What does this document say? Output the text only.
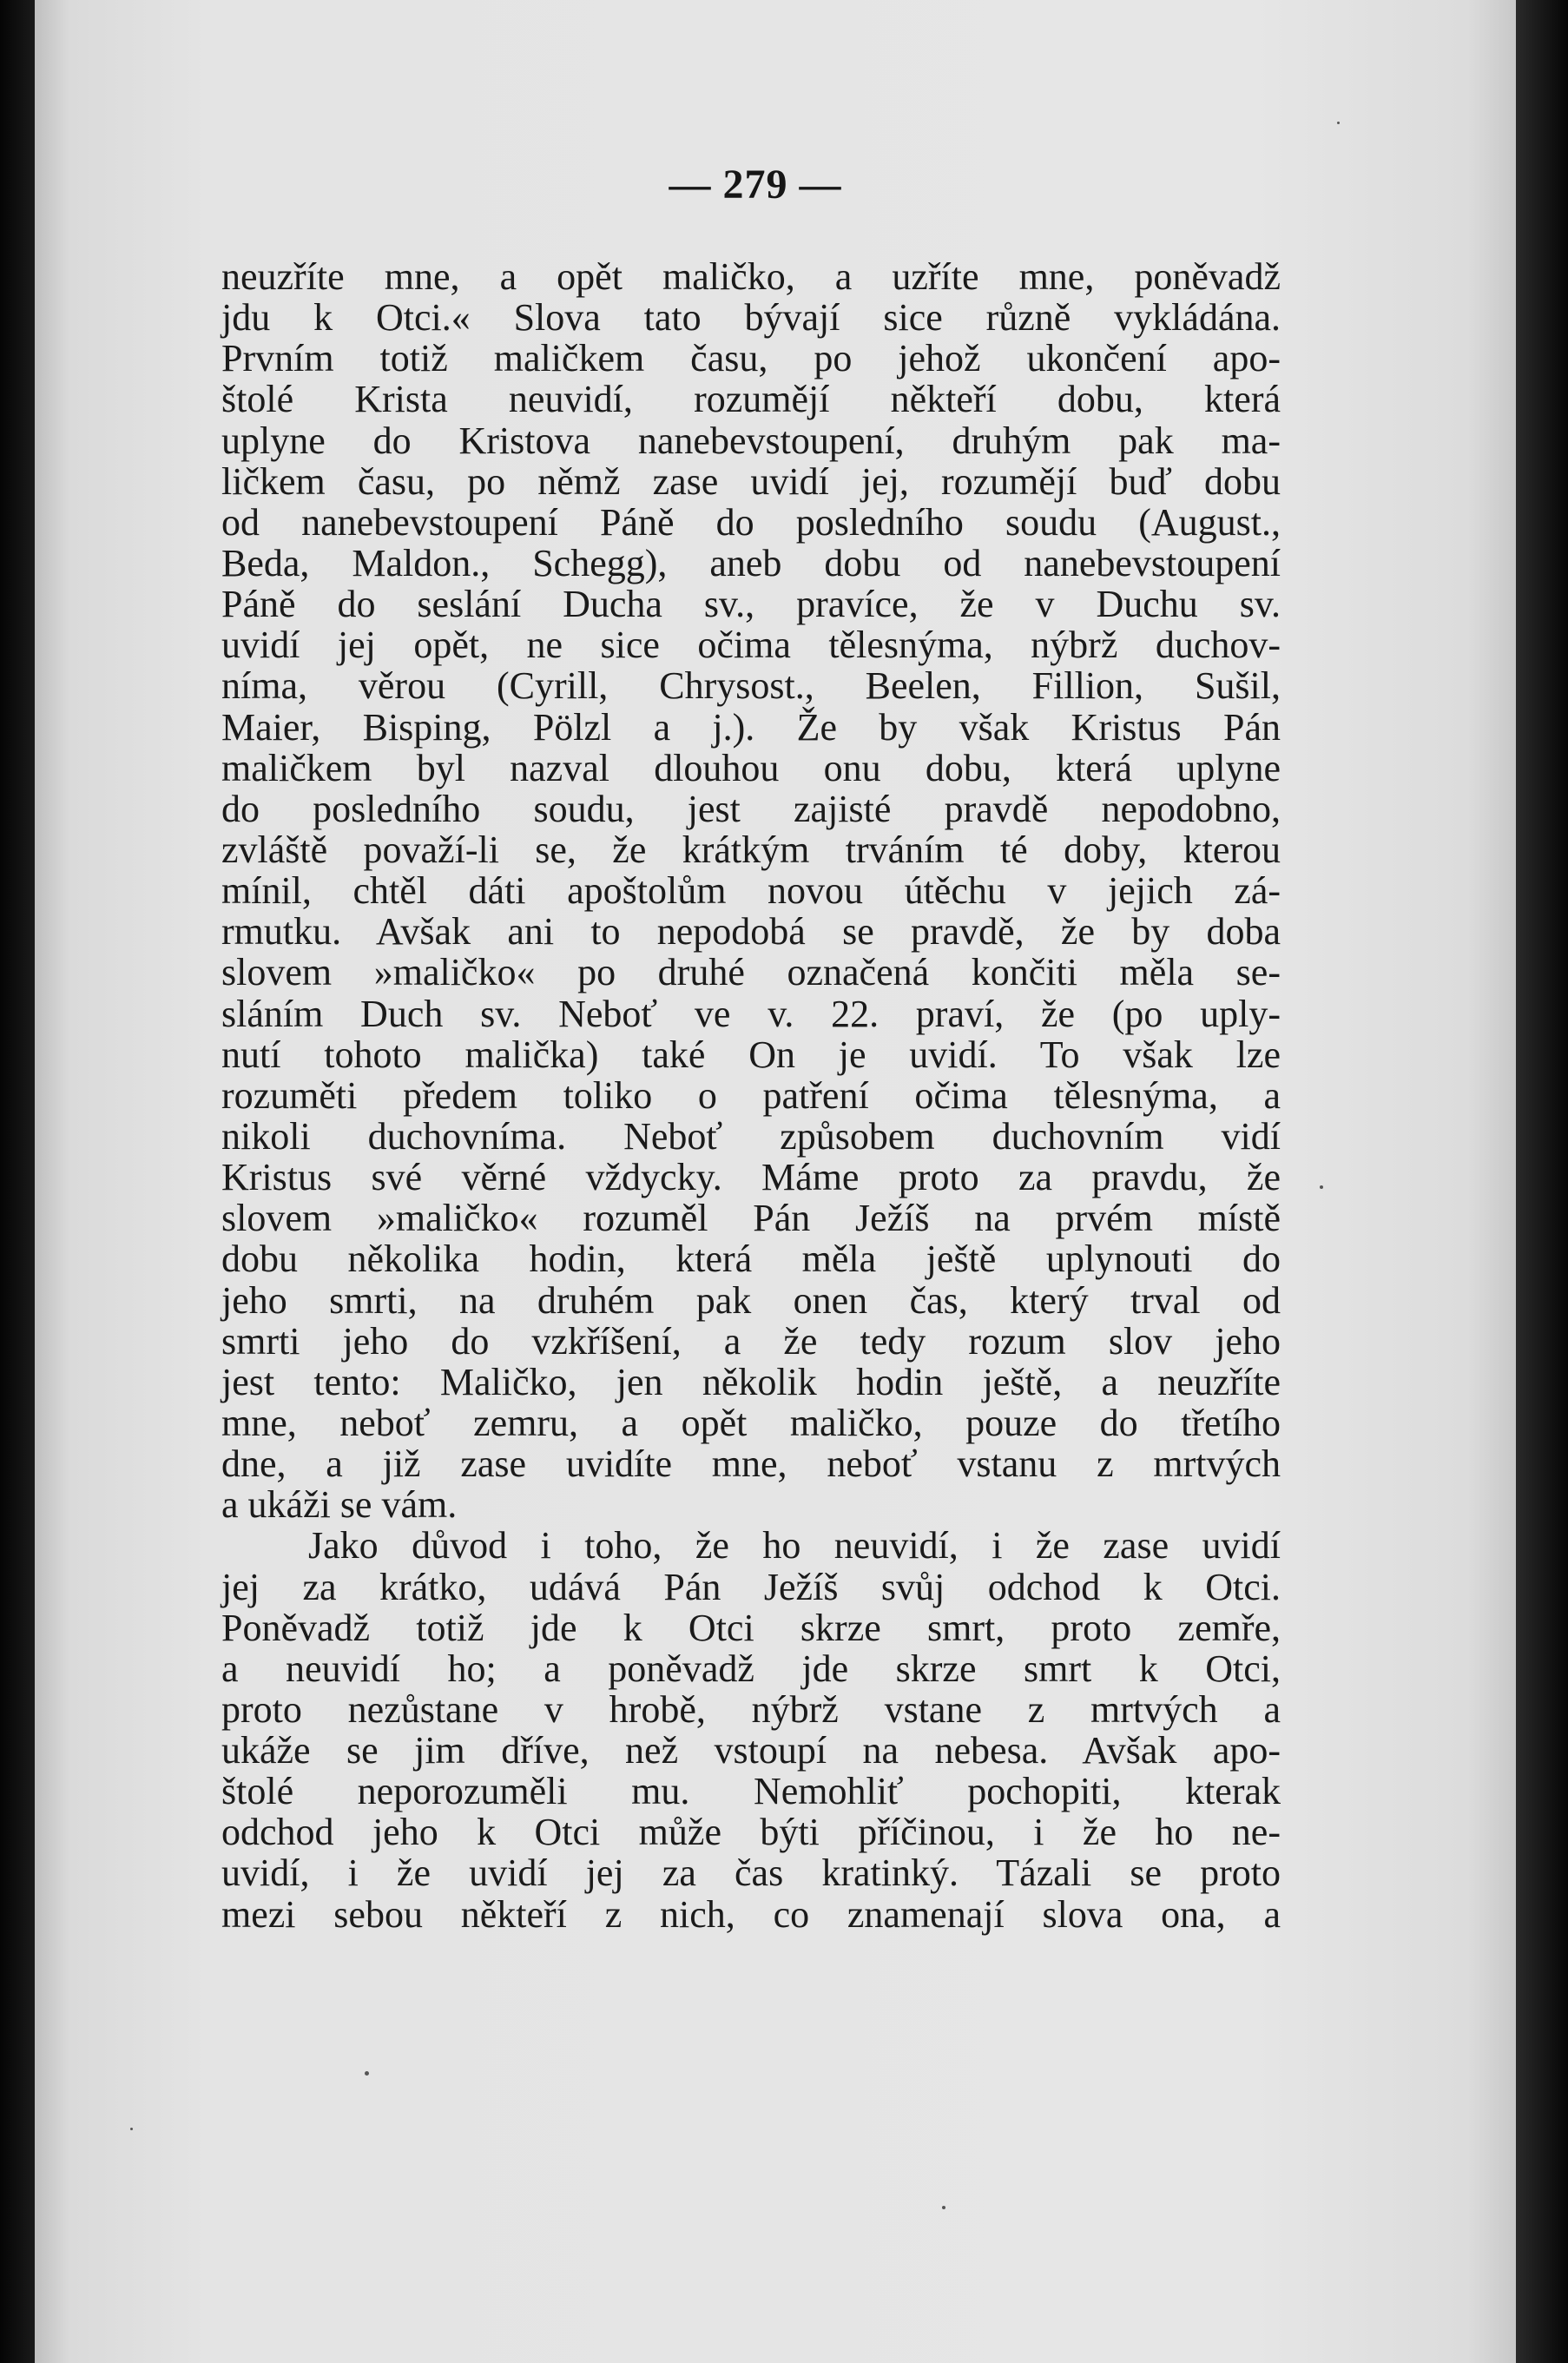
— 279 —
neuzříte mne, a opět maličko, a uzříte mne, poněvadž
jdu k Otci.« Slova tato bývají sice různě vykládána.
Prvním totiž maličkem času, po jehož ukončení apo-
štolé Krista neuvidí, rozumějí někteří dobu, která
uplyne do Kristova nanebevstoupení, druhým pak ma-
ličkem času, po němž zase uvidí jej, rozumějí buď dobu
od nanebevstoupení Páně do posledního soudu (August.,
Beda, Maldon., Schegg), aneb dobu od nanebevstoupení
Páně do seslání Ducha sv., pravíce, že v Duchu sv.
uvidí jej opět, ne sice očima tělesnýma, nýbrž duchov-
níma, věrou (Cyrill, Chrysost., Beelen, Fillion, Sušil,
Maier, Bisping, Pölzl a j.). Že by však Kristus Pán
maličkem byl nazval dlouhou onu dobu, která uplyne
do posledního soudu, jest zajisté pravdě nepodobno,
zvláště považí-li se, že krátkým trváním té doby, kterou
mínil, chtěl dáti apoštolům novou útěchu v jejich zá-
rmutku. Avšak ani to nepodobá se pravdě, že by doba
slovem »maličko« po druhé označená končiti měla se-
sláním Duch sv. Neboť ve v. 22. praví, že (po uply-
nutí tohoto malička) také On je uvidí. To však lze
rozuměti předem toliko o patření očima tělesnýma, a
nikoli duchovníma. Neboť způsobem duchovním vidí
Kristus své věrné vždycky. Máme proto za pravdu, že
slovem »maličko« rozuměl Pán Ježíš na prvém místě
dobu několika hodin, která měla ještě uplynouti do
jeho smrti, na druhém pak onen čas, který trval od
smrti jeho do vzkříšení, a že tedy rozum slov jeho
jest tento: Maličko, jen několik hodin ještě, a neuzříte
mne, neboť zemru, a opět maličko, pouze do třetího
dne, a již zase uvidíte mne, neboť vstanu z mrtvých
a ukáži se vám.
Jako důvod i toho, že ho neuvidí, i že zase uvidí
jej za krátko, udává Pán Ježíš svůj odchod k Otci.
Poněvadž totiž jde k Otci skrze smrt, proto zemře,
a neuvidí ho; a poněvadž jde skrze smrt k Otci,
proto nezůstane v hrobě, nýbrž vstane z mrtvých a
ukáže se jim dříve, než vstoupí na nebesa. Avšak apo-
štolé neporozuměli mu. Nemohliť pochopiti, kterak
odchod jeho k Otci může býti příčinou, i že ho ne-
uvidí, i že uvidí jej za čas kratinký. Tázali se proto
mezi sebou někteří z nich, co znamenají slova ona, a
